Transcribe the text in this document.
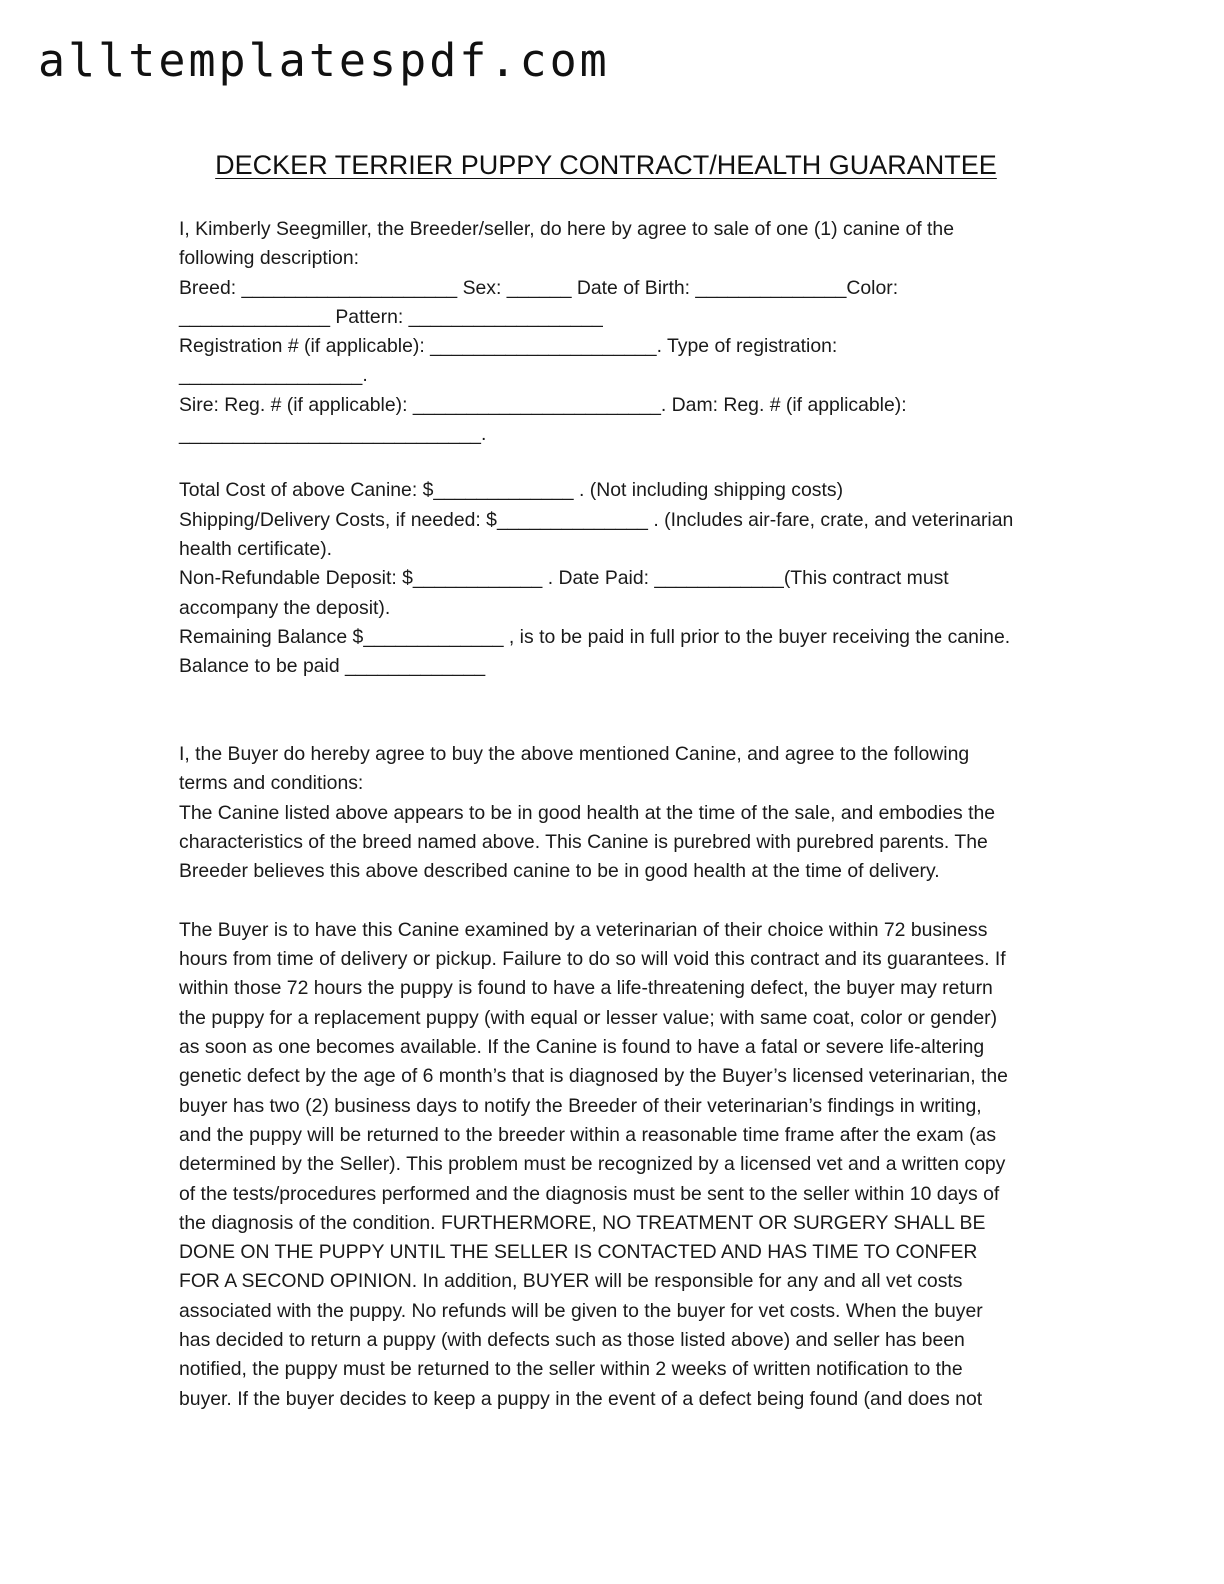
alltemplatespdf.com
DECKER TERRIER PUPPY CONTRACT/HEALTH GUARANTEE
I, Kimberly Seegmiller, the Breeder/seller, do here by agree to sale of one (1) canine of the
following description:
Breed: ____________________ Sex: ______ Date of Birth: ______________Color:
______________ Pattern: __________________
Registration # (if applicable): _____________________. Type of registration:
_________________.
Sire: Reg. # (if applicable): _______________________. Dam: Reg. # (if applicable):
____________________________.
Total Cost of above Canine: $_____________ . (Not including shipping costs)
Shipping/Delivery Costs, if needed: $______________ . (Includes air-fare, crate, and veterinarian
health certificate).
Non-Refundable Deposit: $____________ . Date Paid: ____________(This contract must
accompany the deposit).
Remaining Balance $_____________ , is to be paid in full prior to the buyer receiving the canine.
Balance to be paid _____________
I, the Buyer do hereby agree to buy the above mentioned Canine, and agree to the following
terms and conditions:
The Canine listed above appears to be in good health at the time of the sale, and embodies the
characteristics of the breed named above. This Canine is purebred with purebred parents. The
Breeder believes this above described canine to be in good health at the time of delivery.
The Buyer is to have this Canine examined by a veterinarian of their choice within 72 business
hours from time of delivery or pickup. Failure to do so will void this contract and its guarantees. If
within those 72 hours the puppy is found to have a life-threatening defect, the buyer may return
the puppy for a replacement puppy (with equal or lesser value; with same coat, color or gender)
as soon as one becomes available. If the Canine is found to have a fatal or severe life-altering
genetic defect by the age of 6 month’s that is diagnosed by the Buyer’s licensed veterinarian, the
buyer has two (2) business days to notify the Breeder of their veterinarian’s findings in writing,
and the puppy will be returned to the breeder within a reasonable time frame after the exam (as
determined by the Seller). This problem must be recognized by a licensed vet and a written copy
of the tests/procedures performed and the diagnosis must be sent to the seller within 10 days of
the diagnosis of the condition. FURTHERMORE, NO TREATMENT OR SURGERY SHALL BE
DONE ON THE PUPPY UNTIL THE SELLER IS CONTACTED AND HAS TIME TO CONFER
FOR A SECOND OPINION. In addition, BUYER will be responsible for any and all vet costs
associated with the puppy. No refunds will be given to the buyer for vet costs. When the buyer
has decided to return a puppy (with defects such as those listed above) and seller has been
notified, the puppy must be returned to the seller within 2 weeks of written notification to the
buyer. If the buyer decides to keep a puppy in the event of a defect being found (and does not
